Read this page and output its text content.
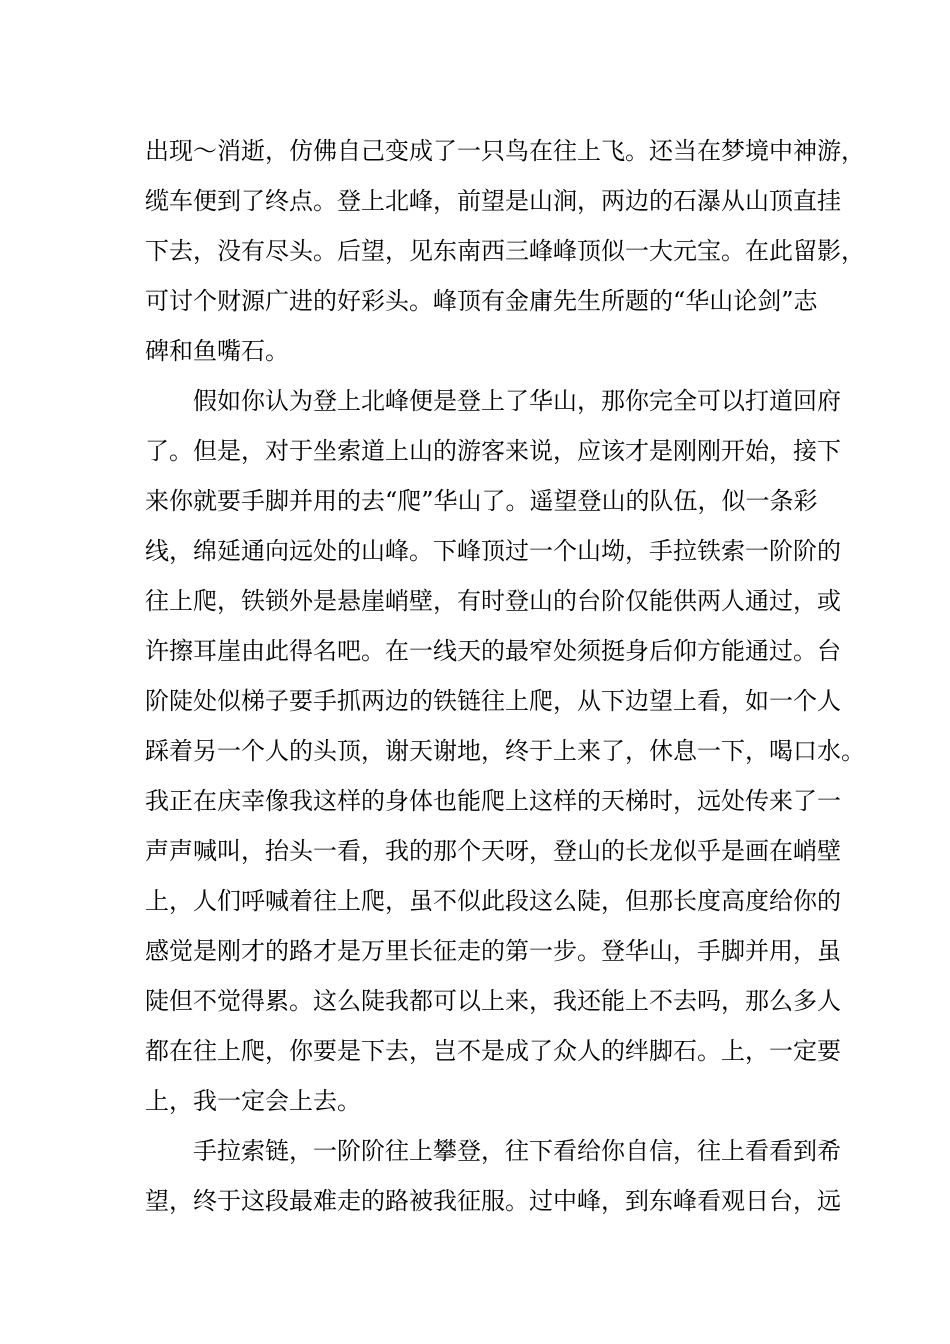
出现～消逝，仿佛自己变成了一只鸟在往上飞。还当在梦境中神游，
缆车便到了终点。登上北峰，前望是山涧，两边的石瀑从山顶直挂
下去，没有尽头。后望，见东南西三峰峰顶似一大元宝。在此留影，
可讨个财源广进的好彩头。峰顶有金庸先生所题的“华山论剑”志
碑和鱼嘴石。
假如你认为登上北峰便是登上了华山，那你完全可以打道回府
了。但是，对于坐索道上山的游客来说，应该才是刚刚开始，接下
来你就要手脚并用的去“爬”华山了。遥望登山的队伍，似一条彩
线，绵延通向远处的山峰。下峰顶过一个山坳，手拉铁索一阶阶的
往上爬，铁锁外是悬崖峭壁，有时登山的台阶仅能供两人通过，或
许擦耳崖由此得名吧。在一线天的最窄处须挺身后仰方能通过。台
阶陡处似梯子要手抓两边的铁链往上爬，从下边望上看，如一个人
踩着另一个人的头顶，谢天谢地，终于上来了，休息一下，喝口水。
我正在庆幸像我这样的身体也能爬上这样的天梯时，远处传来了一
声声喊叫，抬头一看，我的那个天呀，登山的长龙似乎是画在峭壁
上，人们呼喊着往上爬，虽不似此段这么陡，但那长度高度给你的
感觉是刚才的路才是万里长征走的第一步。登华山，手脚并用，虽
陡但不觉得累。这么陡我都可以上来，我还能上不去吗，那么多人
都在往上爬，你要是下去，岂不是成了众人的绊脚石。上，一定要
上，我一定会上去。
手拉索链，一阶阶往上攀登，往下看给你自信，往上看看到希
望，终于这段最难走的路被我征服。过中峰，到东峰看观日台，远
